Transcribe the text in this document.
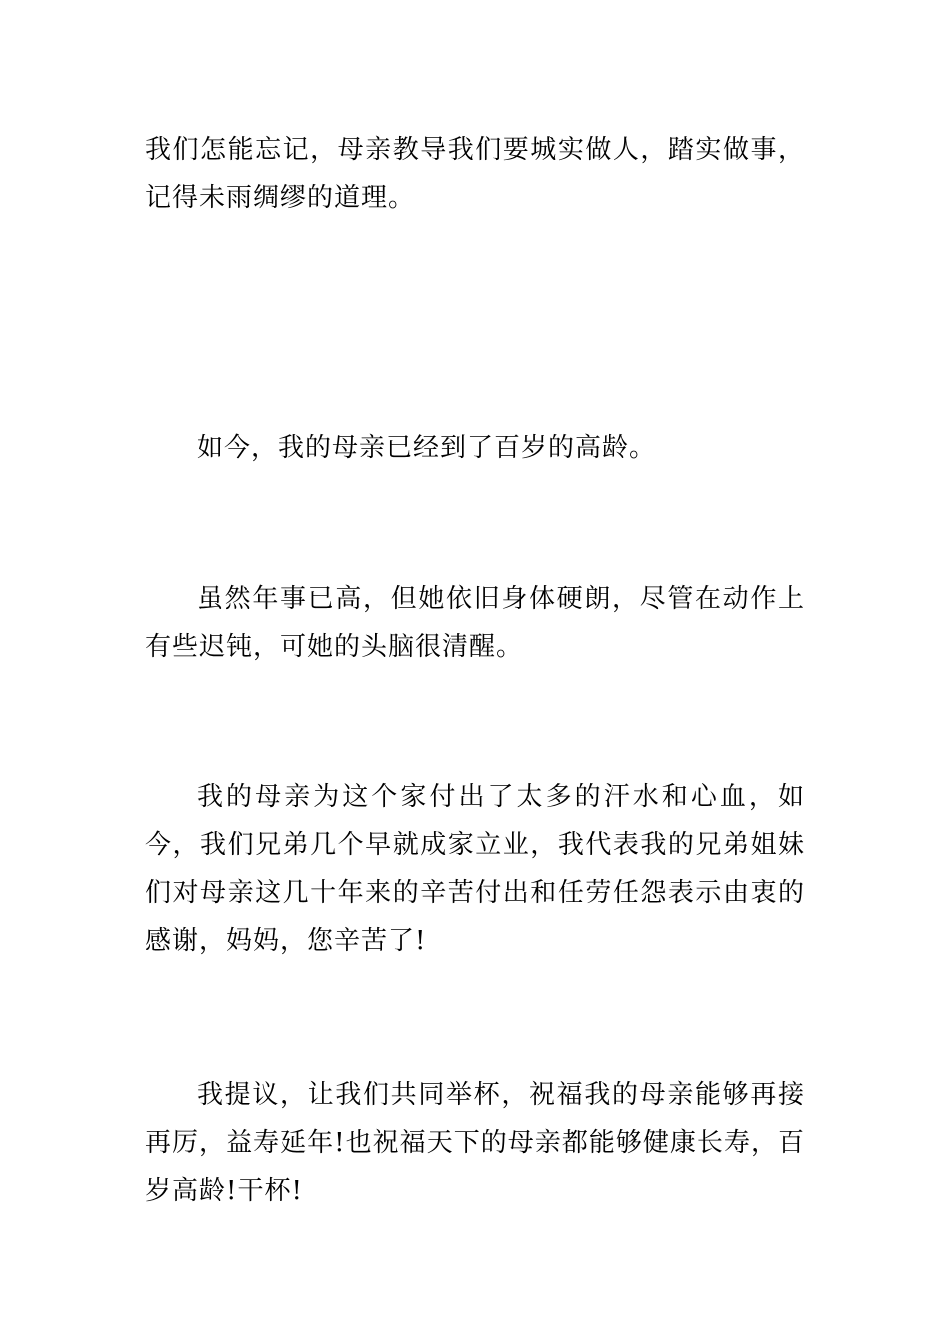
我们怎能忘记，母亲教导我们要城实做人，踏实做事，记得未雨绸缪的道理。

如今，我的母亲已经到了百岁的高龄。

虽然年事已高，但她依旧身体硬朗，尽管在动作上有些迟钝，可她的头脑很清醒。

我的母亲为这个家付出了太多的汗水和心血，如今，我们兄弟几个早就成家立业，我代表我的兄弟姐妹们对母亲这几十年来的辛苦付出和任劳任怨表示由衷的感谢，妈妈，您辛苦了!

我提议，让我们共同举杯，祝福我的母亲能够再接再厉，益寿延年!也祝福天下的母亲都能够健康长寿，百岁高龄!干杯!
